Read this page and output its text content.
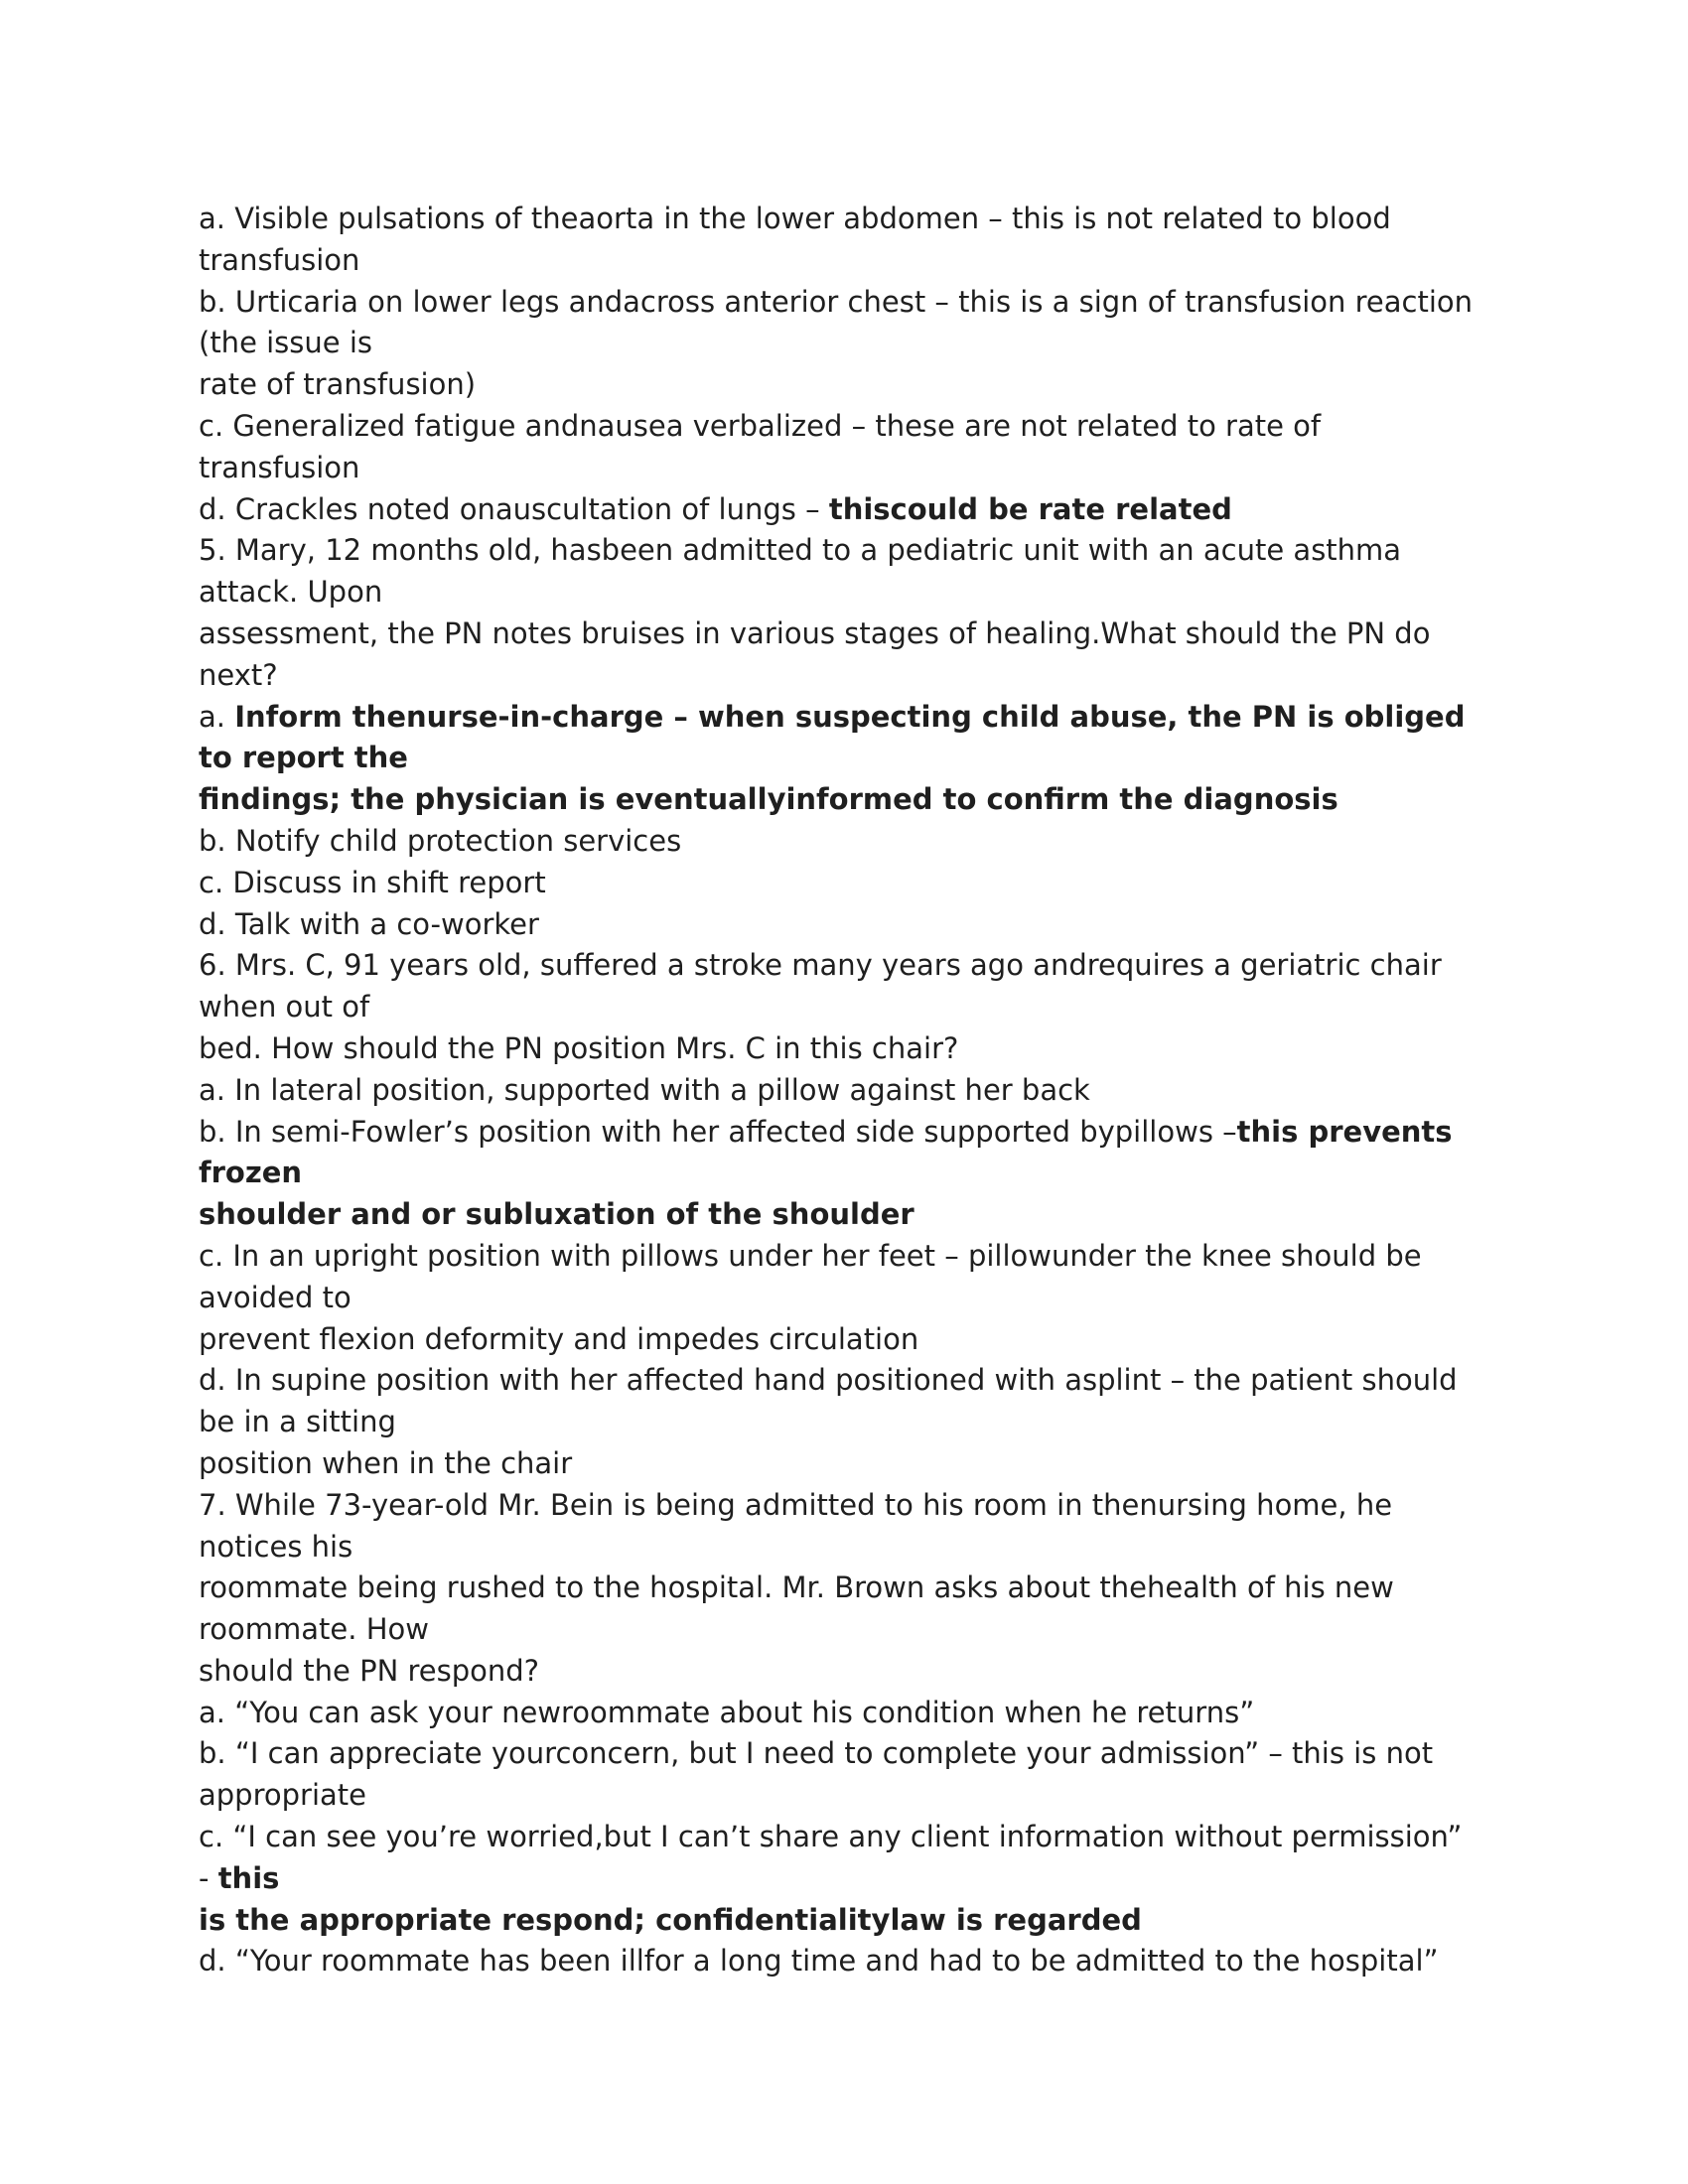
a. Visible pulsations of theaorta in the lower abdomen – this is not related to blood
transfusion
b. Urticaria on lower legs andacross anterior chest – this is a sign of transfusion reaction
(the issue is
rate of transfusion)
c. Generalized fatigue andnausea verbalized – these are not related to rate of
transfusion
d. Crackles noted onauscultation of lungs – thiscould be rate related
5. Mary, 12 months old, hasbeen admitted to a pediatric unit with an acute asthma
attack. Upon
assessment, the PN notes bruises in various stages of healing.What should the PN do
next?
a. Inform thenurse-in-charge – when suspecting child abuse, the PN is obliged
to report the
findings; the physician is eventuallyinformed to confirm the diagnosis
b. Notify child protection services
c. Discuss in shift report
d. Talk with a co-worker
6. Mrs. C, 91 years old, suffered a stroke many years ago andrequires a geriatric chair
when out of
bed. How should the PN position Mrs. C in this chair?
a. In lateral position, supported with a pillow against her back
b. In semi-Fowler’s position with her affected side supported bypillows –this prevents
frozen
shoulder and or subluxation of the shoulder
c. In an upright position with pillows under her feet – pillowunder the knee should be
avoided to
prevent flexion deformity and impedes circulation
d. In supine position with her affected hand positioned with asplint – the patient should
be in a sitting
position when in the chair
7. While 73-year-old Mr. Bein is being admitted to his room in thenursing home, he
notices his
roommate being rushed to the hospital. Mr. Brown asks about thehealth of his new
roommate. How
should the PN respond?
a. “You can ask your newroommate about his condition when he returns”
b. “I can appreciate yourconcern, but I need to complete your admission” – this is not
appropriate
c. “I can see you’re worried,but I can’t share any client information without permission”
- this
is the appropriate respond; confidentialitylaw is regarded
d. “Your roommate has been illfor a long time and had to be admitted to the hospital”
